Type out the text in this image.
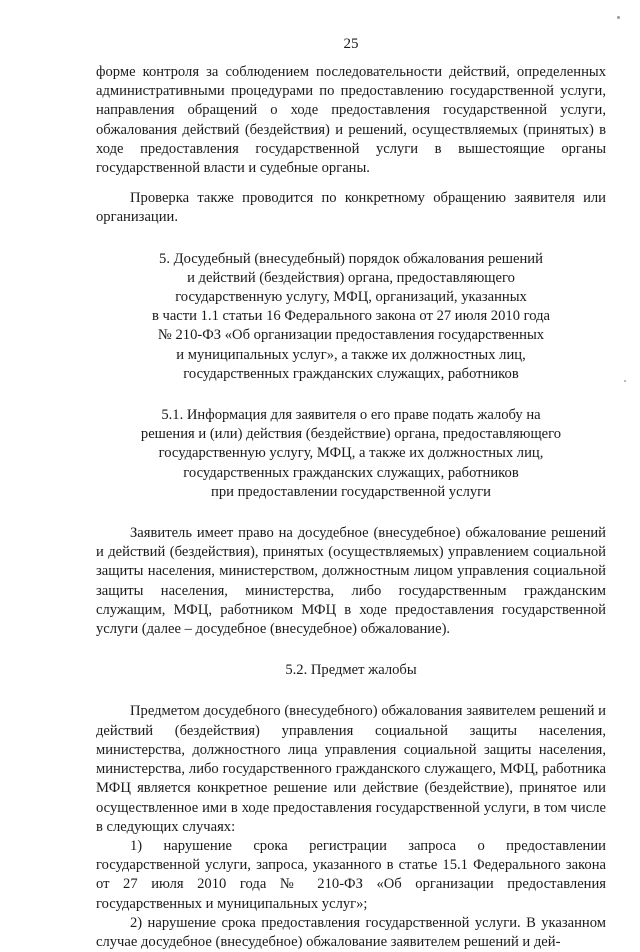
25

форме контроля за соблюдением последовательности действий, определенных административными процедурами по предоставлению государственной услуги, направления обращений о ходе предоставления государственной услуги, обжалования действий (бездействия) и решений, осуществляемых (принятых) в ходе предоставления государственной услуги в вышестоящие органы государственной власти и судебные органы.

Проверка также проводится по конкретному обращению заявителя или организации.

5. Досудебный (внесудебный) порядок обжалования решений
и действий (бездействия) органа, предоставляющего
государственную услугу, МФЦ, организаций, указанных
в части 1.1 статьи 16 Федерального закона от 27 июля 2010 года
№ 210-ФЗ «Об организации предоставления государственных
и муниципальных услуг», а также их должностных лиц,
государственных гражданских служащих, работников
5.1. Информация для заявителя о его праве подать жалобу на
решения и (или) действия (бездействие) органа, предоставляющего
государственную услугу, МФЦ, а также их должностных лиц,
государственных гражданских служащих, работников
при предоставлении государственной услуги

Заявитель имеет право на досудебное (внесудебное) обжалование решений и действий (бездействия), принятых (осуществляемых) управлением социальной защиты населения, министерством, должностным лицом управления социальной защиты населения, министерства, либо государственным гражданским служащим, МФЦ, работником МФЦ в ходе предоставления государственной услуги (далее – досудебное (внесудебное) обжалование).

5.2. Предмет жалобы

Предметом досудебного (внесудебного) обжалования заявителем решений и действий (бездействия) управления социальной защиты населения, министерства, должностного лица управления социальной защиты населения, министерства, либо государственного гражданского служащего, МФЦ, работника МФЦ является конкретное решение или действие (бездействие), принятое или осуществленное ими в ходе предоставления государственной услуги, в том числе в следующих случаях:

1) нарушение срока регистрации запроса о предоставлении государственной услуги, запроса, указанного в статье 15.1 Федерального закона от 27 июля 2010 года № 210-ФЗ «Об организации предоставления государственных и муниципальных услуг»;

2) нарушение срока предоставления государственной услуги. В указанном случае досудебное (внесудебное) обжалование заявителем решений и дей-
